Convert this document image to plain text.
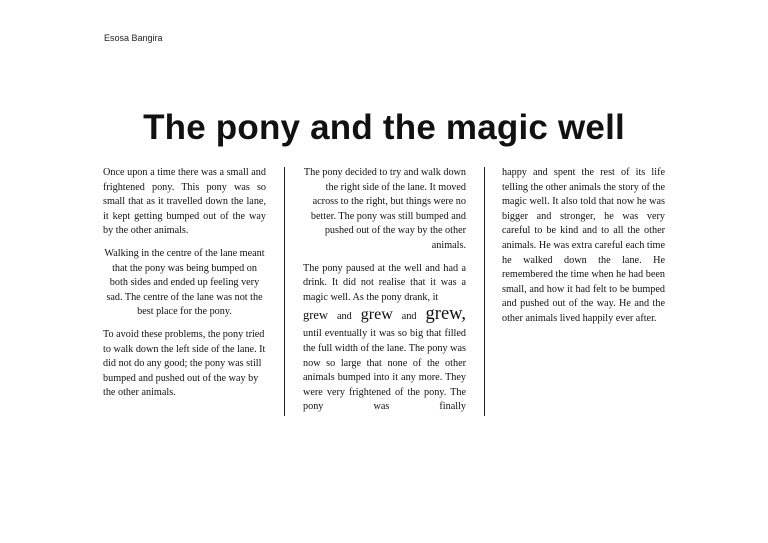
Esosa Bangira
The pony and the magic well

Once upon a time there was a small and frightened pony. This pony was so small that as it travelled down the lane, it kept getting bumped out of the way by the other animals.

Walking in the centre of the lane meant that the pony was being bumped on both sides and ended up feeling very sad. The centre of the lane was not the best place for the pony.

To avoid these problems, the pony tried to walk down the left side of the lane. It did not do any good; the pony was still bumped and pushed out of the way by the other animals.

The pony decided to try and walk down the right side of the lane. It moved across to the right, but things were no better. The pony was still bumped and pushed out of the way by the other animals.

The pony paused at the well and had a drink. It did not realise that it was a magic well. As the pony drank, it
grew and grew and grew,
until eventually it was so big that filled the full width of the lane. The pony was now so large that none of the other animals bumped into it any more. They were very frightened of the pony. The pony was finally

happy and spent the rest of its life telling the other animals the story of the magic well. It also told that now he was bigger and stronger, he was very careful to be kind and to all the other animals. He was extra careful each time he walked down the lane. He remembered the time when he had been small, and how it had felt to be bumped and pushed out of the way. He and the other animals lived happily ever after.
